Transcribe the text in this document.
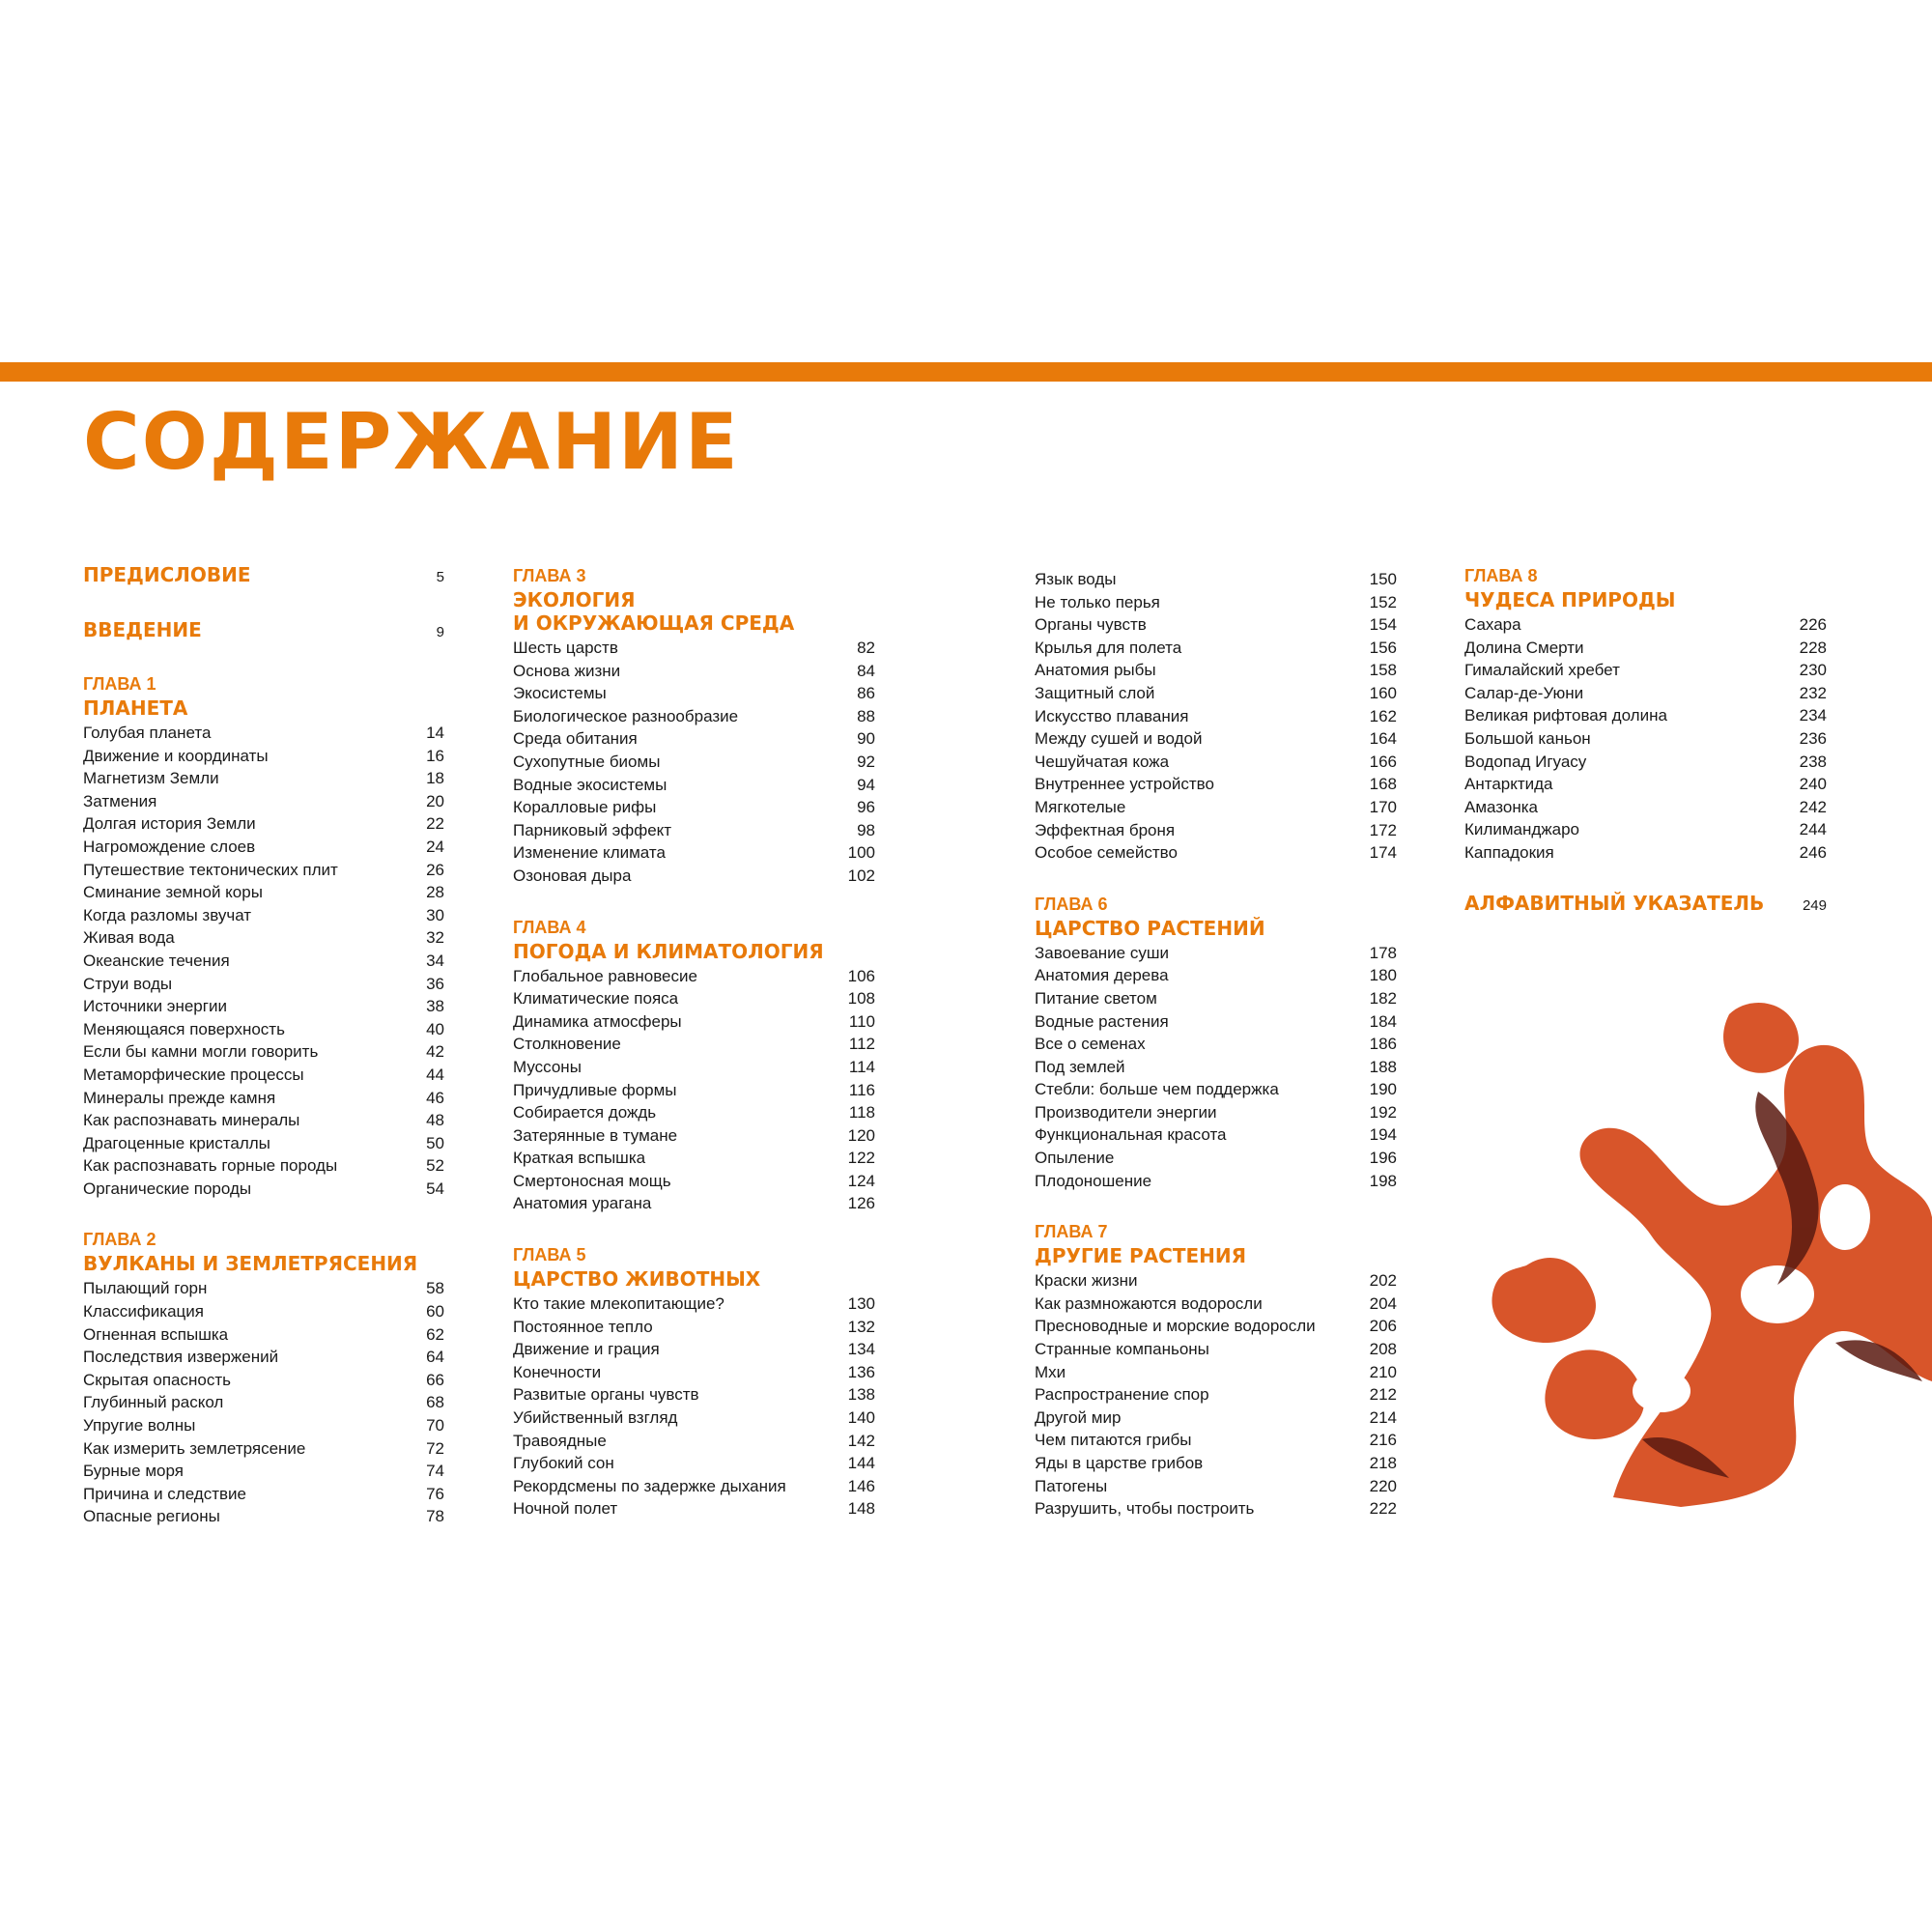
СОДЕРЖАНИЕ
ПРЕДИСЛОВИЕ	5
ВВЕДЕНИЕ	9
ГЛАВА 1
ПЛАНЕТА
Голубая планета	14
Движение и координаты	16
Магнетизм Земли	18
Затмения	20
Долгая история Земли	22
Нагромождение слоев	24
Путешествие тектонических плит	26
Сминание земной коры	28
Когда разломы звучат	30
Живая вода	32
Океанские течения	34
Струи воды	36
Источники энергии	38
Меняющаяся поверхность	40
Если бы камни могли говорить	42
Метаморфические процессы	44
Минералы прежде камня	46
Как распознавать минералы	48
Драгоценные кристаллы	50
Как распознавать горные породы	52
Органические породы	54
ГЛАВА 2
ВУЛКАНЫ И ЗЕМЛЕТРЯСЕНИЯ
Пылающий горн	58
Классификация	60
Огненная вспышка	62
Последствия извержений	64
Скрытая опасность	66
Глубинный раскол	68
Упругие волны	70
Как измерить землетрясение	72
Бурные моря	74
Причина и следствие	76
Опасные регионы	78
ГЛАВА 3
ЭКОЛОГИЯ
И ОКРУЖАЮЩАЯ СРЕДА
Шесть царств	82
Основа жизни	84
Экосистемы	86
Биологическое разнообразие	88
Среда обитания	90
Сухопутные биомы	92
Водные экосистемы	94
Коралловые рифы	96
Парниковый эффект	98
Изменение климата	100
Озоновая дыра	102
ГЛАВА 4
ПОГОДА И КЛИМАТОЛОГИЯ
Глобальное равновесие	106
Климатические пояса	108
Динамика атмосферы	110
Столкновение	112
Муссоны	114
Причудливые формы	116
Собирается дождь	118
Затерянные в тумане	120
Краткая вспышка	122
Смертоносная мощь	124
Анатомия урагана	126
ГЛАВА 5
ЦАРСТВО ЖИВОТНЫХ
Кто такие млекопитающие?	130
Постоянное тепло	132
Движение и грация	134
Конечности	136
Развитые органы чувств	138
Убийственный взгляд	140
Травоядные	142
Глубокий сон	144
Рекордсмены по задержке дыхания	146
Ночной полет	148
Язык воды	150
Не только перья	152
Органы чувств	154
Крылья для полета	156
Анатомия рыбы	158
Защитный слой	160
Искусство плавания	162
Между сушей и водой	164
Чешуйчатая кожа	166
Внутреннее устройство	168
Мягкотелые	170
Эффектная броня	172
Особое семейство	174
ГЛАВА 6
ЦАРСТВО РАСТЕНИЙ
Завоевание суши	178
Анатомия дерева	180
Питание светом	182
Водные растения	184
Все о семенах	186
Под землей	188
Стебли: больше чем поддержка	190
Производители энергии	192
Функциональная красота	194
Опыление	196
Плодоношение	198
ГЛАВА 7
ДРУГИЕ РАСТЕНИЯ
Краски жизни	202
Как размножаются водоросли	204
Пресноводные и морские водоросли	206
Странные компаньоны	208
Мхи	210
Распространение спор	212
Другой мир	214
Чем питаются грибы	216
Яды в царстве грибов	218
Патогены	220
Разрушить, чтобы построить	222
ГЛАВА 8
ЧУДЕСА ПРИРОДЫ
Сахара	226
Долина Смерти	228
Гималайский хребет	230
Салар-де-Уюни	232
Великая рифтовая долина	234
Большой каньон	236
Водопад Игуасу	238
Антарктида	240
Амазонка	242
Килиманджаро	244
Каппадокия	246
АЛФАВИТНЫЙ УКАЗАТЕЛЬ	249
